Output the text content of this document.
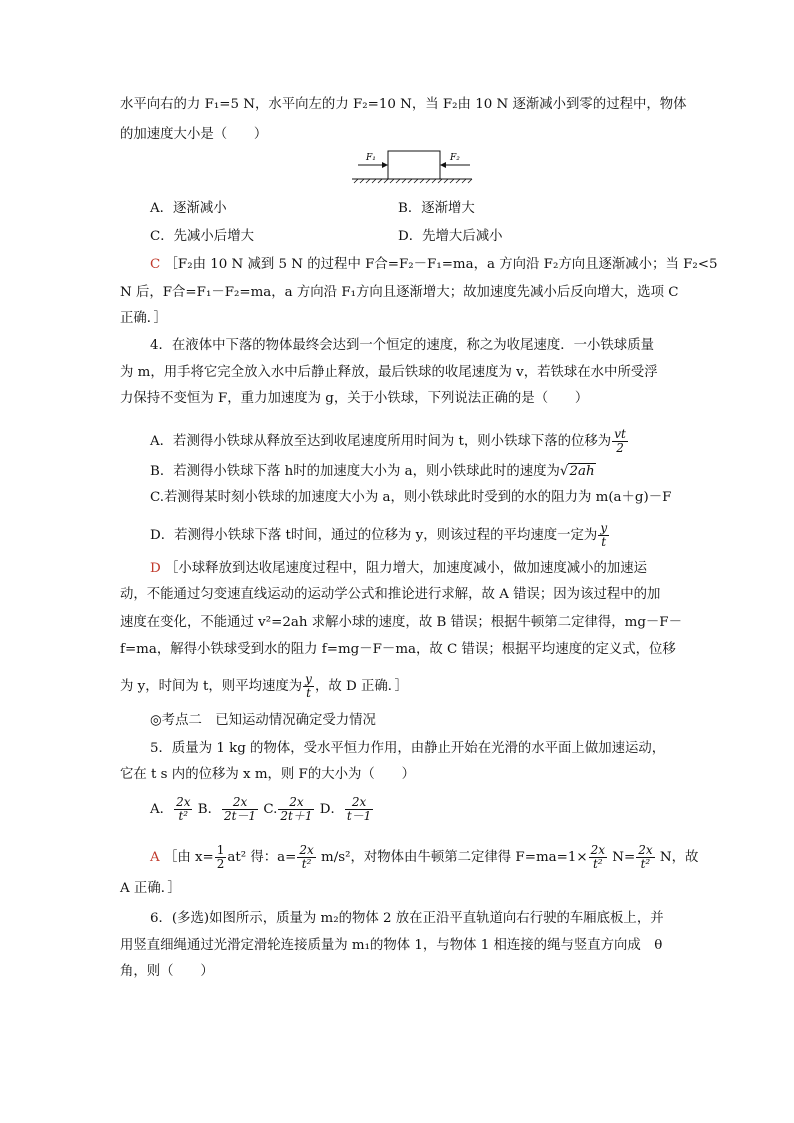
水平向右的力 F₁=5 N，水平向左的力 F₂=10 N，当 F₂由 10 N 逐渐减小到零的过程中，物体
的加速度大小是（　　）
F₁	F₂
A．逐渐减小	B．逐渐增大
C．先减小后增大	D．先增大后减小
C ［F₂由 10 N 减到 5 N 的过程中 F合=F₂－F₁=ma，a 方向沿 F₂方向且逐渐减小；当 F₂<5
N 后，F合=F₁－F₂=ma，a 方向沿 F₁方向且逐渐增大；故加速度先减小后反向增大，选项 C
正确．］
4．在液体中下落的物体最终会达到一个恒定的速度，称之为收尾速度．一小铁球质量
为 m，用手将它完全放入水中后静止释放，最后铁球的收尾速度为 v，若铁球在水中所受浮
力保持不变恒为 F，重力加速度为 g，关于小铁球，下列说法正确的是（　　）
A．若测得小铁球从释放至达到收尾速度所用时间为 t，则小铁球下落的位移为 $\frac{vt}{2}$
B．若测得小铁球下落 h时的加速度大小为 a，则小铁球此时的速度为√2ah
C.若测得某时刻小铁球的加速度大小为 a，则小铁球此时受到的水的阻力为 m(a＋g)－F
D．若测得小铁球下落 t时间，通过的位移为 y，则该过程的平均速度一定为 $\frac{y}{t}$
D ［小球释放到达收尾速度过程中，阻力增大，加速度减小，做加速度减小的加速运
动，不能通过匀变速直线运动的运动学公式和推论进行求解，故 A 错误；因为该过程中的加
速度在变化，不能通过 v²=2ah 求解小球的速度，故 B 错误；根据牛顿第二定律得，mg－F－
f=ma，解得小铁球受到水的阻力 f=mg－F－ma，故 C 错误；根据平均速度的定义式，位移
为 y，时间为 t，则平均速度为 $\frac{y}{t}$ ，故 D 正确．］
◎考点二　已知运动情况确定受力情况
5．质量为 1 kg 的物体，受水平恒力作用，由静止开始在光滑的水平面上做加速运动，
它在 t s 内的位移为 x m，则 F的大小为（　　）
A． $\frac{2x}{\text{t²}}$ B． $\frac{2x}{2t-1} C$. $\frac{2x}{2t+1}$ D． $\frac{2x}{t-1}$
A ［由 $x= \frac{1}{2} at^2$ 得：$a= \frac{2x}{\text{t²}} m/s^2$，对物体由牛顿第二定律得 $F=ma=1\times \frac{2x}{\text{t²}} N= \frac{2x}{\text{t²}}$ N，故
A 正确．］
6．(多选)如图所示，质量为 m₂的物体 2 放在正沿平直轨道向右行驶的车厢底板上，并
用竖直细绳通过光滑定滑轮连接质量为 m₁的物体 1，与物体 1 相连接的绳与竖直方向成　θ
角，则（　　）
